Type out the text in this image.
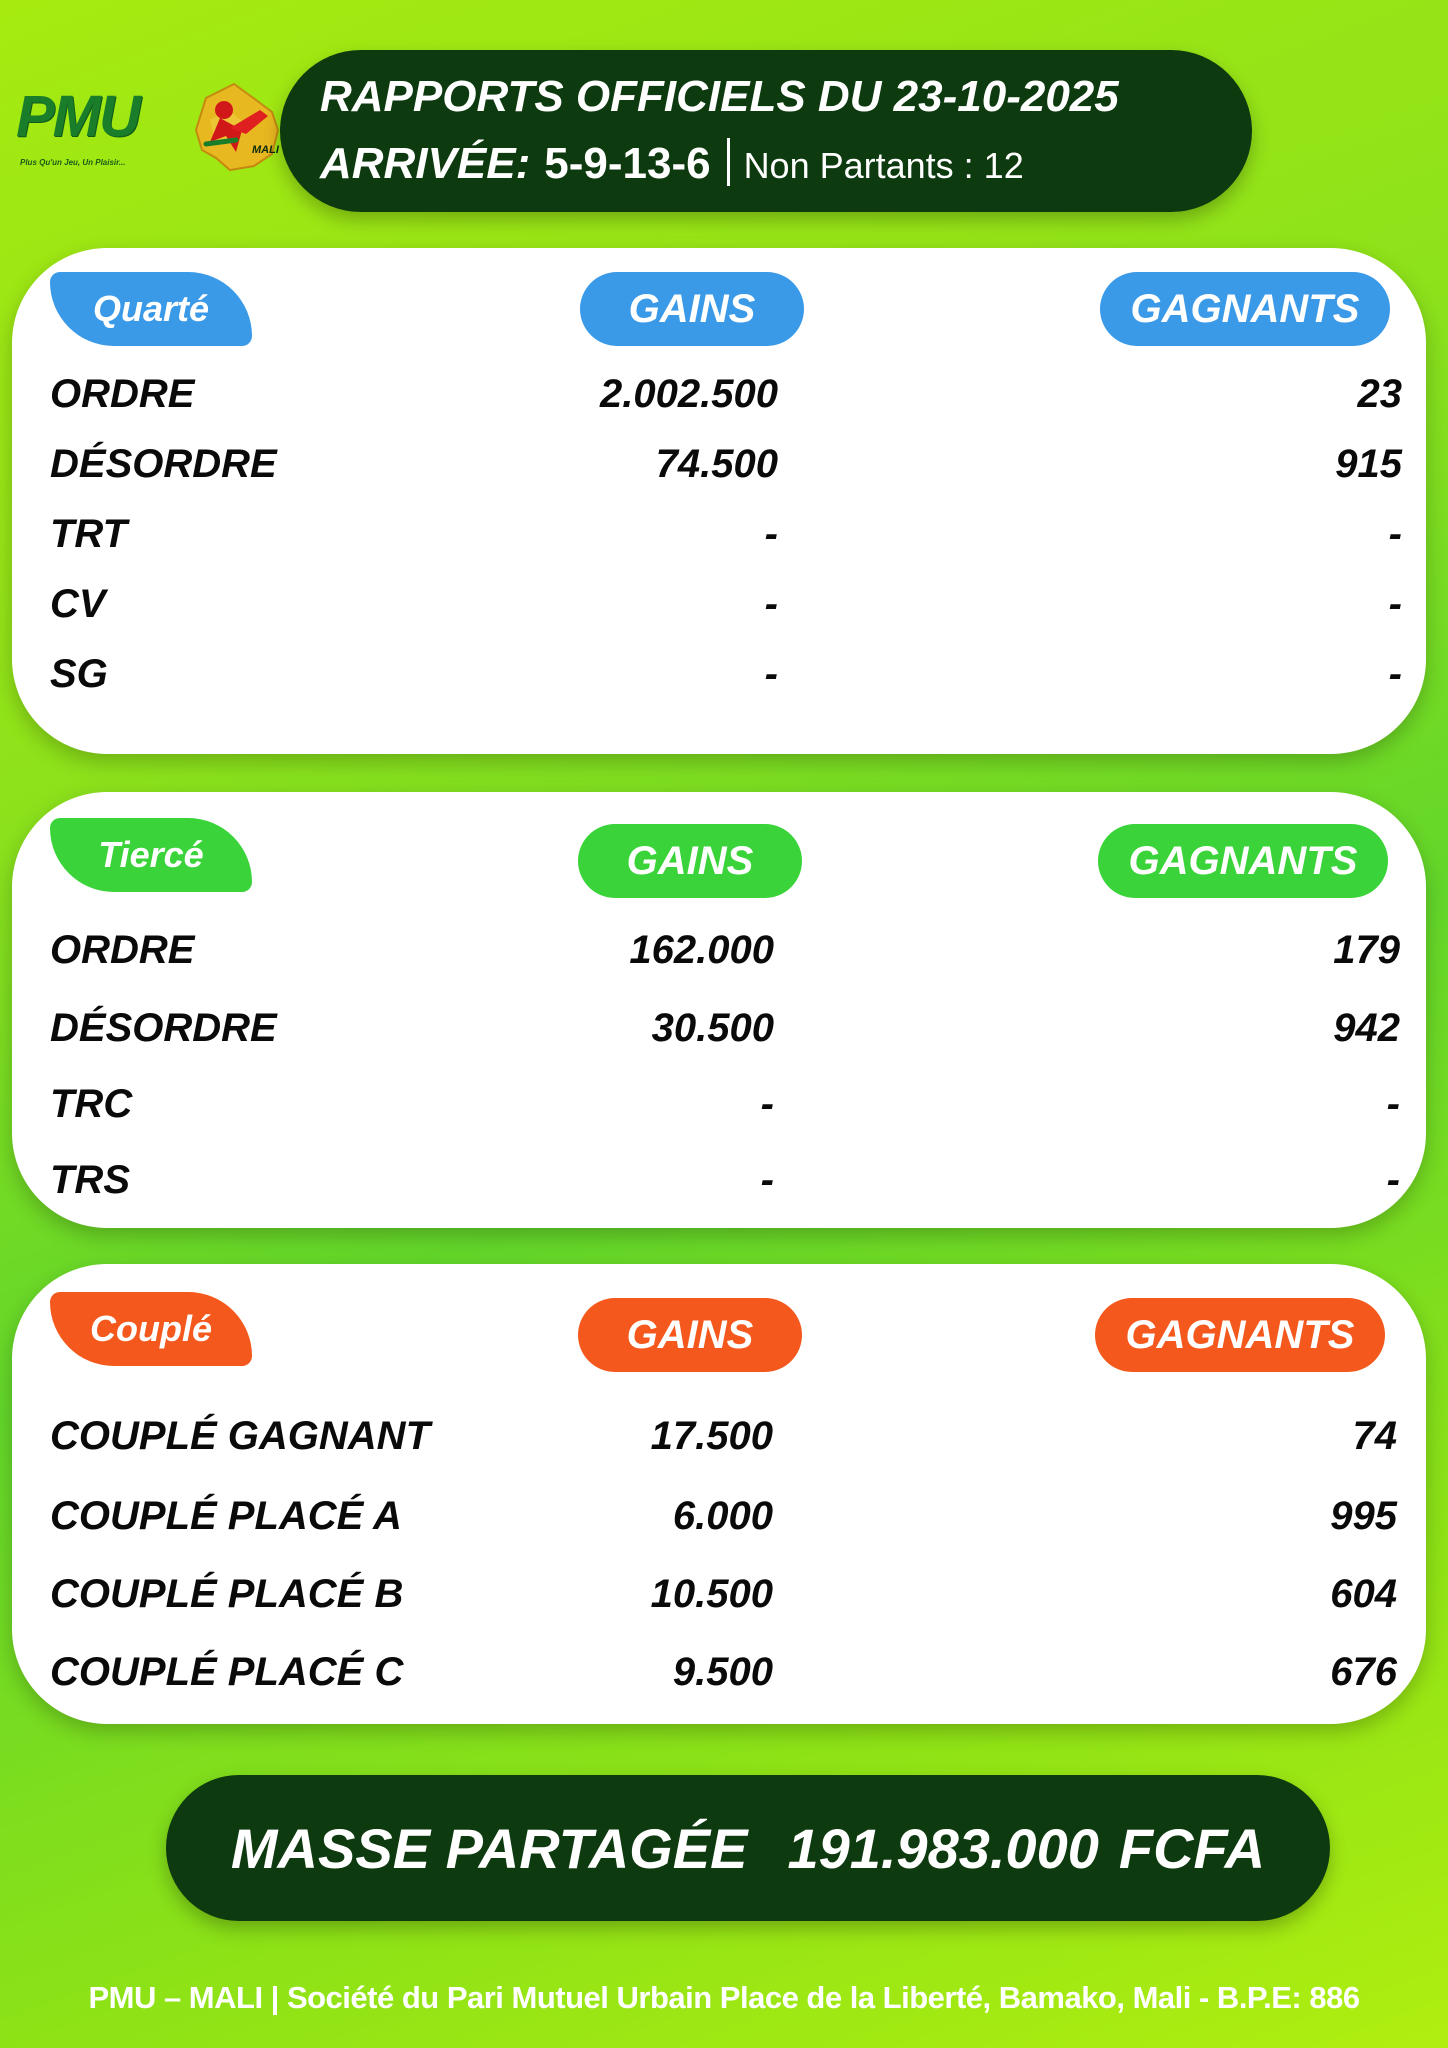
PMU
Plus Qu'un Jeu, Un Plaisir...
MALI
RAPPORTS OFFICIELS DU 23-10-2025
ARRIVÉE: 5-9-13-6 Non Partants : 12
Quarté	GAINS	GAGNANTS
ORDRE	2.002.500	23
DÉSORDRE	74.500	915
TRT	-	-
CV	-	-
SG	-	-
Tiercé	GAINS	GAGNANTS
ORDRE	162.000	179
DÉSORDRE	30.500	942
TRC	-	-
TRS	-	-
Couplé	GAINS	GAGNANTS
COUPLÉ GAGNANT	17.500	74
COUPLÉ PLACÉ A	6.000	995
COUPLÉ PLACÉ B	10.500	604
COUPLÉ PLACÉ C	9.500	676
MASSE PARTAGÉE 191.983.000 FCFA
PMU – MALI | Société du Pari Mutuel Urbain Place de la Liberté, Bamako, Mali - B.P.E: 886
